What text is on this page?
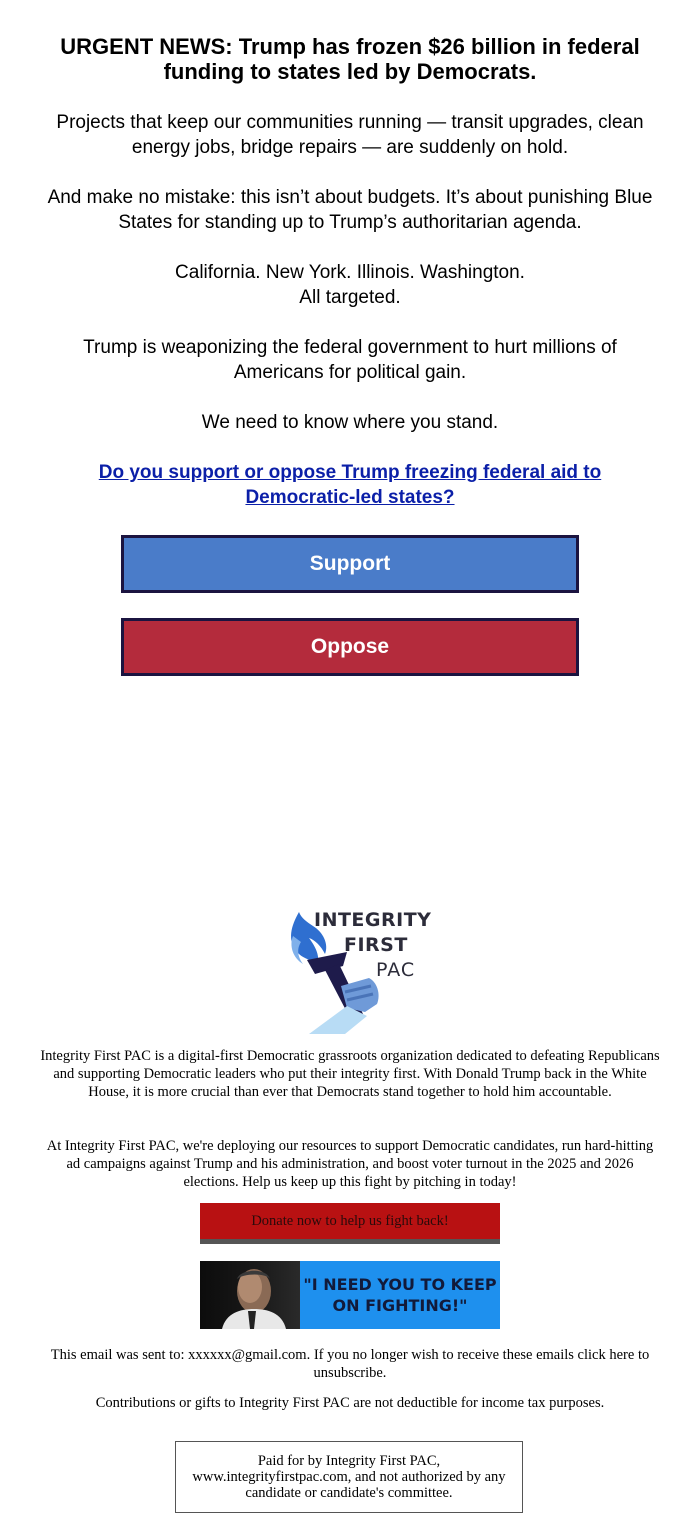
URGENT NEWS: Trump has frozen $26 billion in federal funding to states led by Democrats.

Projects that keep our communities running — transit upgrades, clean energy jobs, bridge repairs — are suddenly on hold.

And make no mistake: this isn’t about budgets. It’s about punishing Blue States for standing up to Trump’s authoritarian agenda.

California. New York. Illinois. Washington.

All targeted.

Trump is weaponizing the federal government to hurt millions of Americans for political gain.

We need to know where you stand.

Do you support or oppose Trump freezing federal aid to Democratic-led states?
Support
Oppose
INTEGRITY
FIRST
PAC

Integrity First PAC is a digital-first Democratic grassroots organization dedicated to defeating Republicans and supporting Democratic leaders who put their integrity first. With Donald Trump back in the White House, it is more crucial than ever that Democrats stand together to hold him accountable.

At Integrity First PAC, we're deploying our resources to support Democratic candidates, run hard-hitting ad campaigns against Trump and his administration, and boost voter turnout in the 2025 and 2026 elections. Help us keep up this fight by pitching in today!

Donate now to help us fight back!
"I NEED YOU TO KEEP ON FIGHTING!"

This email was sent to: xxxxxx@gmail.com. If you no longer wish to receive these emails click here to unsubscribe.

Contributions or gifts to Integrity First PAC are not deductible for income tax purposes.

Paid for by Integrity First PAC, www.integrityfirstpac.com, and not authorized by any candidate or candidate's committee.
